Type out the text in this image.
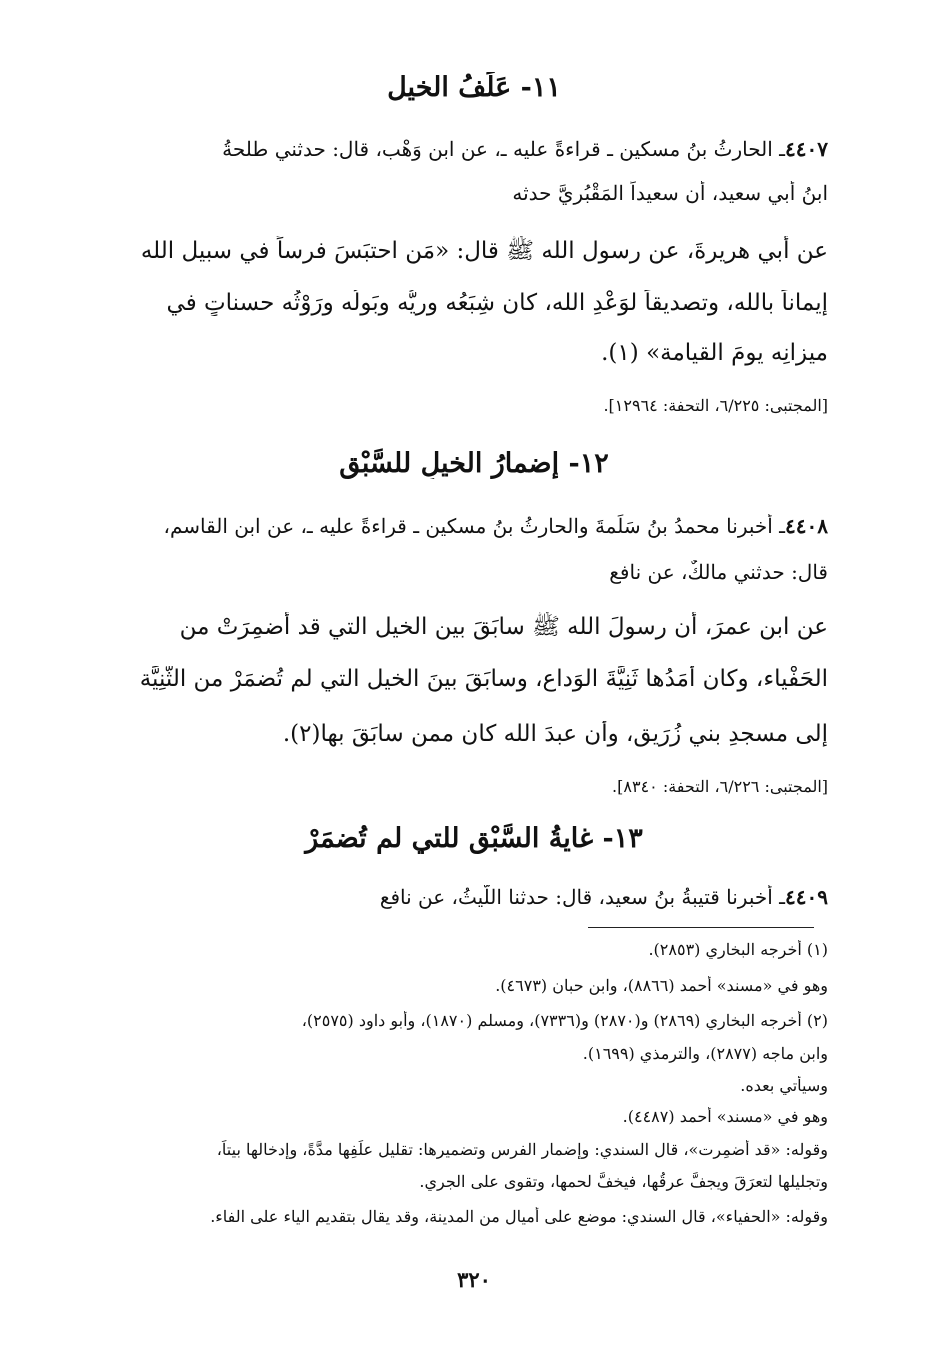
١١- عَلَفُ الخيل
٤٤٠٧ـ الحارثُ بنُ مسكين ـ قراءةً عليه ـ، عن ابن وَهْب، قال: حدثني طلحةُ
ابنُ أبي سعيد، أن سعيداً المَقْبُريَّ حدثه
عن أبي هريرةَ، عن رسول الله ﷺ قال: «مَن احتبَسَ فرساً في سبيل الله
إيماناً بالله، وتصديقاً لوَعْدِ الله، كان شِبَعُه ورِيُّه وبَولُه ورَوْثُه حسناتٍ في
ميزانِه يومَ القيامة» (١).
[المجتبى: ٦/٢٢٥، التحفة: ١٢٩٦٤].
١٢- إضمارُ الخيلِ للسَّبْقِ
٤٤٠٨ـ أخبرنا محمدُ بنُ سَلَمةَ والحارثُ بنُ مسكين ـ قراءةً عليه ـ، عن ابن القاسم،
قال: حدثني مالكٌ، عن نافع
عن ابن عمرَ، أن رسولَ الله ﷺ سابَقَ بين الخيل التي قد أُضمِرَتْ من
الحَفْياء، وكان أَمَدُها ثَنِيَّةَ الوَداع، وسابَقَ بينَ الخيل التي لم تُضمَرْ من الثَّنِيَّة
إلى مسجدِ بني زُرَيقٍ، وأن عبدَ الله كان ممن سابَقَ بها(٢).
[المجتبى: ٦/٢٢٦، التحفة: ٨٣٤٠].
١٣- غايةُ السَّبْقِ للتي لم تُضمَرْ
٤٤٠٩ـ أخبرنا قتيبةُ بنُ سعيد، قال: حدثنا اللَّيثُ، عن نافع
(١) أخرجه البخاري (٢٨٥٣).
وهو في «مسند» أحمد (٨٨٦٦)، وابن حبان (٤٦٧٣).
(٢) أخرجه البخاري (٢٨٦٩) و(٢٨٧٠) و(٧٣٣٦)، ومسلم (١٨٧٠)، وأبو داود (٢٥٧٥)،
وابن ماجه (٢٨٧٧)، والترمذي (١٦٩٩).
وسيأتي بعده.
وهو في «مسند» أحمد (٤٤٨٧).
وقوله: «قد أُضمِرت»، قال السندي: وإضمار الفرس وتضميرها: تقليل علَفِها مدَّةً، وإدخالها بيتاً،
وتجليلها لتعرَقَ ويجفَّ عرقُها، فيخفَّ لحمها، وتقوى على الجري.
وقوله: «الحفياء»، قال السندي: موضع على أميال من المدينة، وقد يقال بتقديم الياء على الفاء.
٣٢٠
